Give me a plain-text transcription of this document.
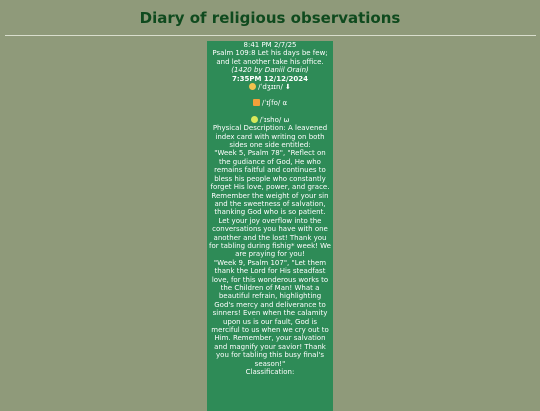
Diary of religious observations

8:41 PM 2/7/25

Psalm 109:8 Let his days be few; and let another take his office.

(1420 by Daniil Orain)

7:35PM 12/12/2024

/ˈdʒɪɪn/ ⬇

/ˈɪʃfo/ ⍺

/ˈɪsho/ ⍵

Physical Description: A leavened index card with writing on both sides one side entitled:

"Week 5, Psalm 78", "Reflect on the gudiance of God, He who remains faitful and continues to bless his people who constantly forget His love, power, and grace. Remember the weight of your sin and the sweetness of salvation, thanking God who is so patient. Let your joy overflow into the conversations you have with one another and the lost! Thank you for tabling during fishig* week! We are praying for you!

"Week 9, Psalm 107", "Let them thank the Lord for His steadfast love, for this wonderous works to the Children of Man! What a beautiful refrain, highlighting God's mercy and deliverance to sinners! Even when the calamity upon us is our fault, God is merciful to us when we cry out to Him. Remember, your salvation and magnify your savior! Thank you for tabling this busy final's season!"

Classification:
